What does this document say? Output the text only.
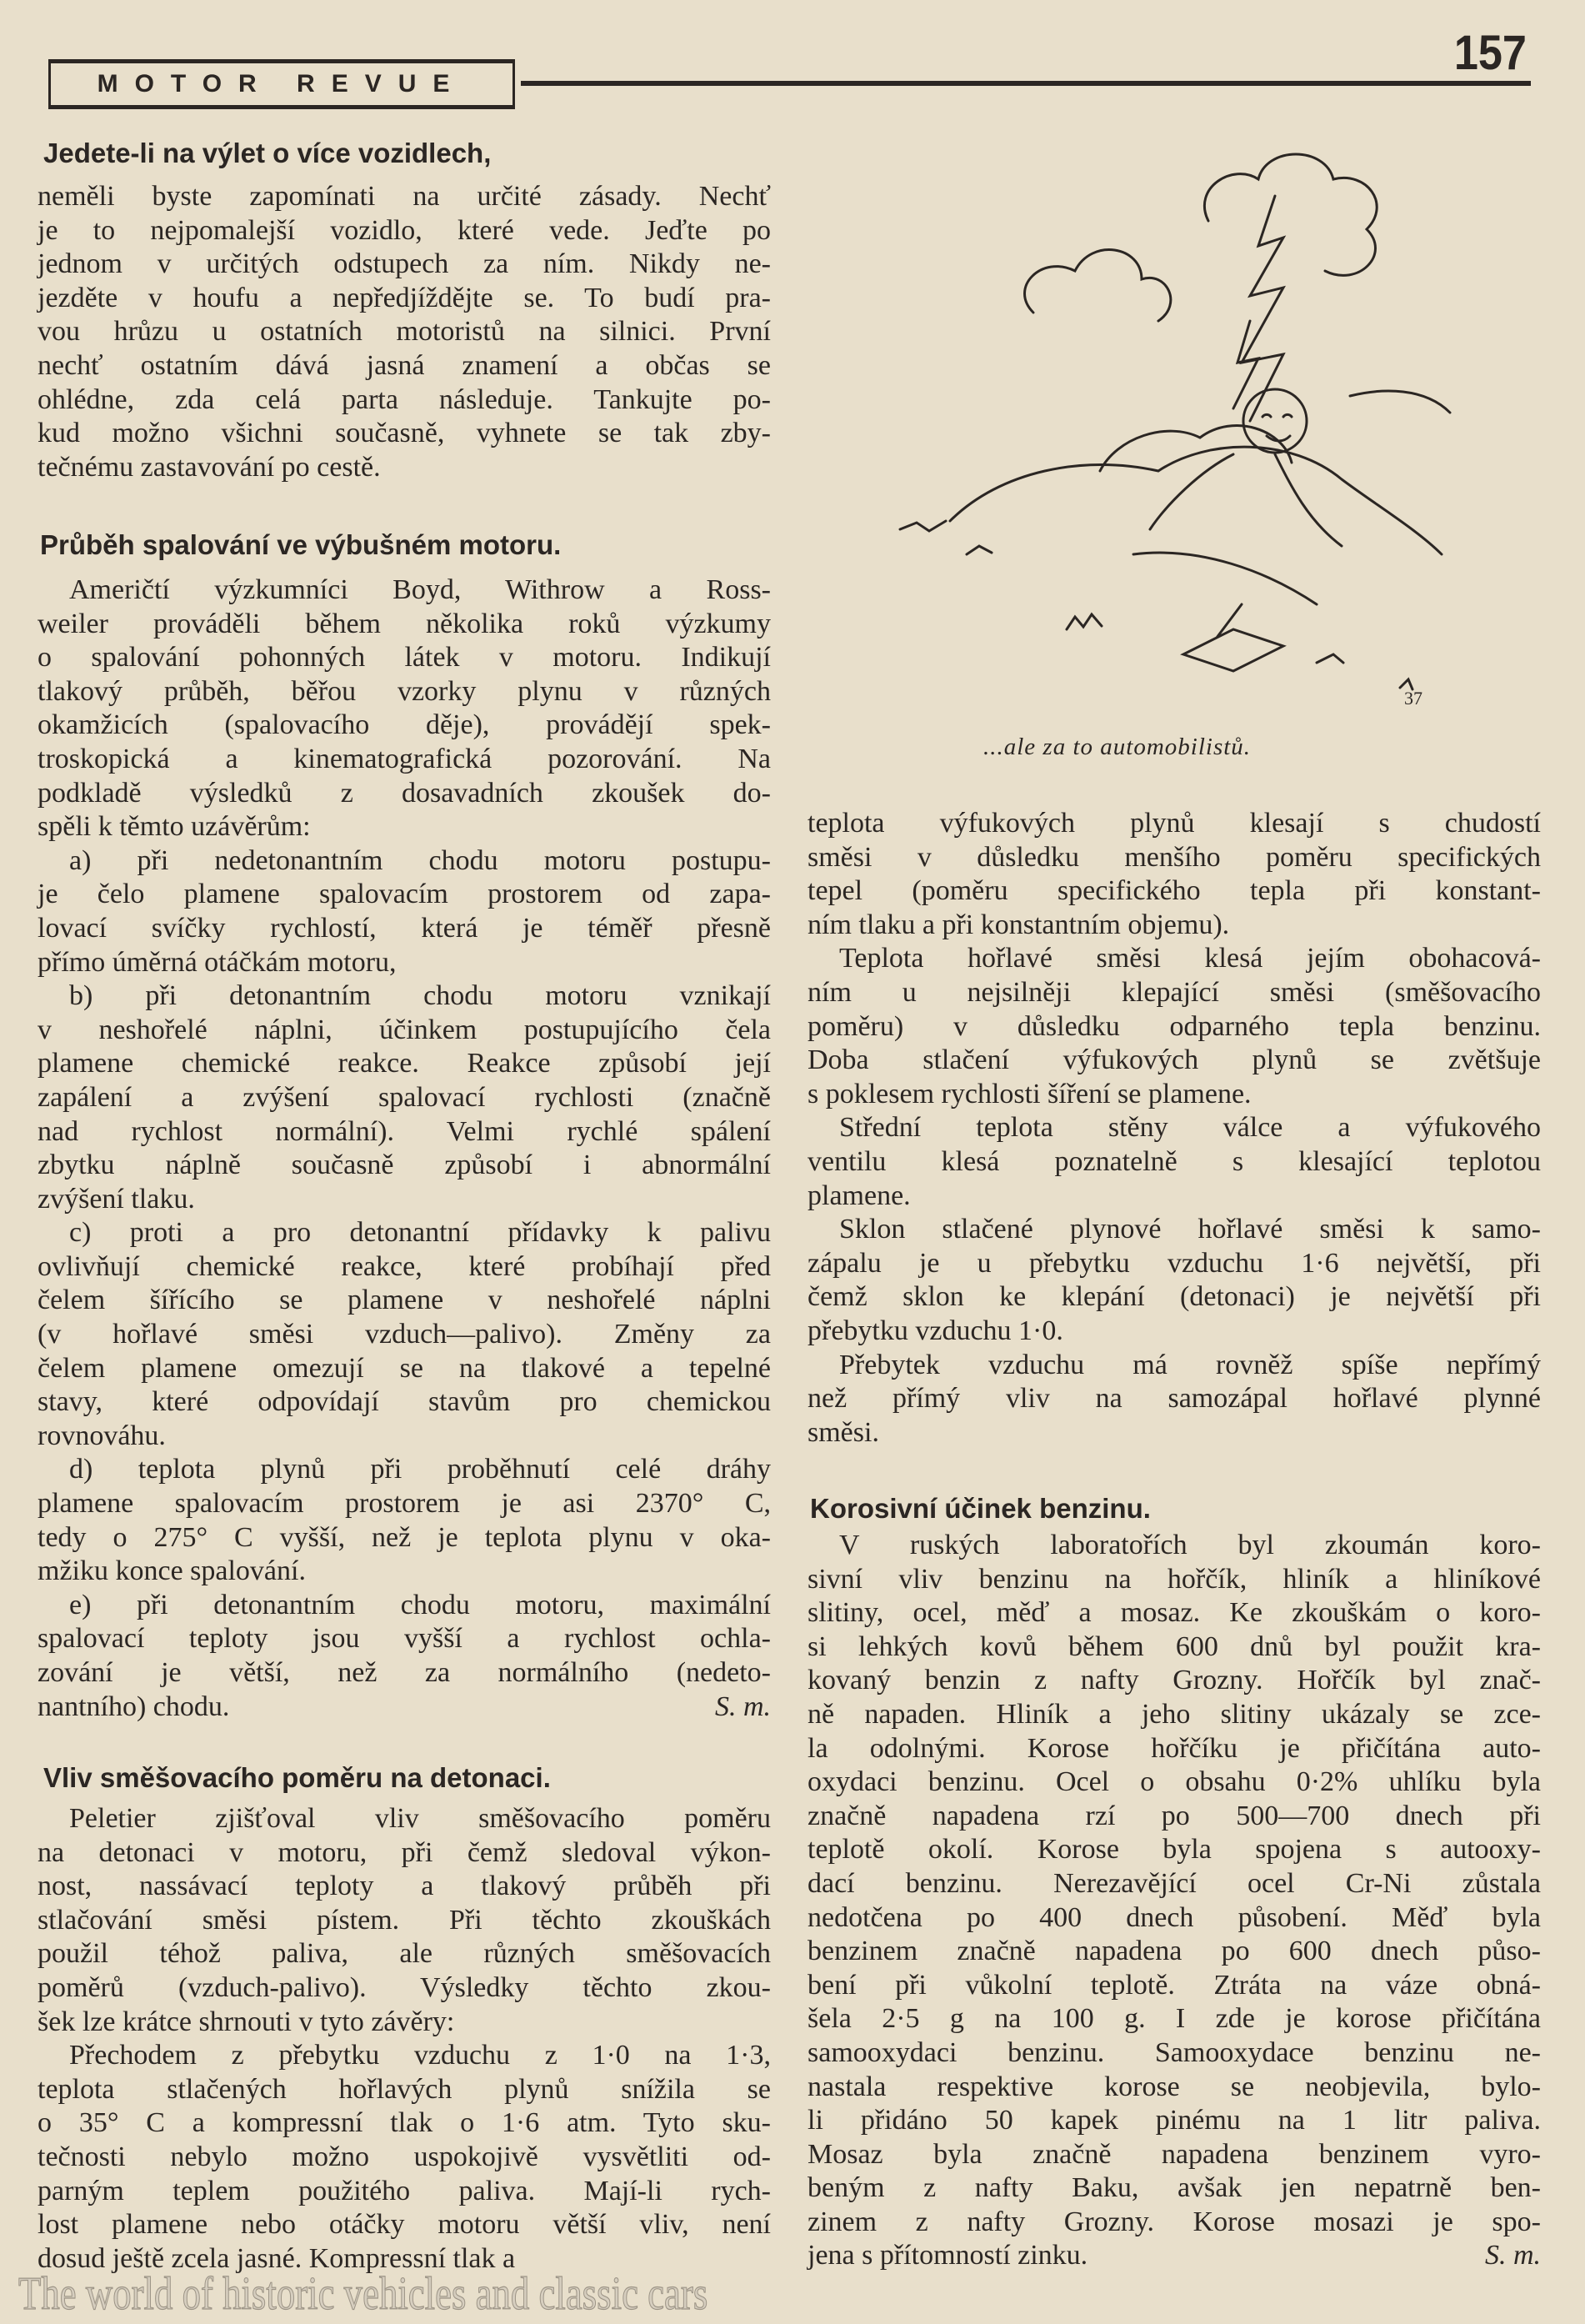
MOTOR REVUE
157
Jedete-li na výlet o více vozidlech,
neměli byste zapomínati na určité zásady. Nechť
je to nejpomalejší vozidlo, které vede. Jeďte po
jednom v určitých odstupech za ním. Nikdy ne-
jezděte v houfu a nepředjíždějte se. To budí pra-
vou hrůzu u ostatních motoristů na silnici. První
nechť ostatním dává jasná znamení a občas se
ohlédne, zda celá parta následuje. Tankujte po-
kud možno všichni současně, vyhnete se tak zby-
tečnému zastavování po cestě.
Průběh spalování ve výbušném motoru.
Američtí výzkumníci Boyd, Withrow a Ross-
weiler prováděli během několika roků výzkumy
o spalování pohonných látek v motoru. Indikují
tlakový průběh, běřou vzorky plynu v různých
okamžicích (spalovacího děje), provádějí spek-
troskopická a kinematografická pozorování. Na
podkladě výsledků z dosavadních zkoušek do-
spěli k těmto uzávěrům:
a) při nedetonantním chodu motoru postupu-
je čelo plamene spalovacím prostorem od zapa-
lovací svíčky rychlostí, která je téměř přesně
přímo úměrná otáčkám motoru,
b) při detonantním chodu motoru vznikají
v neshořelé náplni, účinkem postupujícího čela
plamene chemické reakce. Reakce způsobí její
zapálení a zvýšení spalovací rychlosti (značně
nad rychlost normální). Velmi rychlé spálení
zbytku náplně současně způsobí i abnormální
zvýšení tlaku.
c) proti a pro detonantní přídavky k palivu
ovlivňují chemické reakce, které probíhají před
čelem šířícího se plamene v neshořelé náplni
(v hořlavé směsi vzduch—palivo). Změny za
čelem plamene omezují se na tlakové a tepelné
stavy, které odpovídají stavům pro chemickou
rovnováhu.
d) teplota plynů při proběhnutí celé dráhy
plamene spalovacím prostorem je asi 2370° C,
tedy o 275° C vyšší, než je teplota plynu v oka-
mžiku konce spalování.
e) při detonantním chodu motoru, maximální
spalovací teploty jsou vyšší a rychlost ochla-
zování je větší, než za normálního (nedeto-
nantního) chodu.	S. m.
Vliv směšovacího poměru na detonaci.
Peletier zjišťoval vliv směšovacího poměru
na detonaci v motoru, při čemž sledoval výkon-
nost, nassávací teploty a tlakový průběh při
stlačování směsi pístem. Při těchto zkouškách
použil téhož paliva, ale různých směšovacích
poměrů (vzduch-palivo). Výsledky těchto zkou-
šek lze krátce shrnouti v tyto závěry:
Přechodem z přebytku vzduchu z 1·0 na 1·3,
teplota stlačených hořlavých plynů snížila se
o 35° C a kompressní tlak o 1·6 atm. Tyto sku-
tečnosti nebylo možno uspokojivě vysvětliti od-
parným teplem použitého paliva. Mají-li rych-
lost plamene nebo otáčky motoru větší vliv, není
dosud ještě zcela jasné. Kompressní tlak a
37
...ale za to automobilistů.
teplota výfukových plynů klesají s chudostí
směsi v důsledku menšího poměru specifických
tepel (poměru specifického tepla při konstant-
ním tlaku a při konstantním objemu).
Teplota hořlavé směsi klesá jejím obohacová-
ním u nejsilněji klepající směsi (směšovacího
poměru) v důsledku odparného tepla benzinu.
Doba stlačení výfukových plynů se zvětšuje
s poklesem rychlosti šíření se plamene.
Střední teplota stěny válce a výfukového
ventilu klesá poznatelně s klesající teplotou
plamene.
Sklon stlačené plynové hořlavé směsi k samo-
zápalu je u přebytku vzduchu 1·6 největší, při
čemž sklon ke klepání (detonaci) je největší při
přebytku vzduchu 1·0.
Přebytek vzduchu má rovněž spíše nepřímý
než přímý vliv na samozápal hořlavé plynné
směsi.
Korosivní účinek benzinu.
V ruských laboratořích byl zkoumán koro-
sivní vliv benzinu na hořčík, hliník a hliníkové
slitiny, ocel, měď a mosaz. Ke zkouškám o koro-
si lehkých kovů během 600 dnů byl použit kra-
kovaný benzin z nafty Grozny. Hořčík byl znač-
ně napaden. Hliník a jeho slitiny ukázaly se zce-
la odolnými. Korose hořčíku je přičítána auto-
oxydaci benzinu. Ocel o obsahu 0·2% uhlíku byla
značně napadena rzí po 500—700 dnech při
teplotě okolí. Korose byla spojena s autooxy-
dací benzinu. Nerezavějící ocel Cr-Ni zůstala
nedotčena po 400 dnech působení. Měď byla
benzinem značně napadena po 600 dnech půso-
bení při vůkolní teplotě. Ztráta na váze obná-
šela 2·5 g na 100 g. I zde je korose přičítána
samooxydaci benzinu. Samooxydace benzinu ne-
nastala respektive korose se neobjevila, bylo-
li přidáno 50 kapek pinému na 1 litr paliva.
Mosaz byla značně napadena benzinem vyro-
beným z nafty Baku, avšak jen nepatrně ben-
zinem z nafty Grozny. Korose mosazi je spo-
jena s přítomností zinku.	S. m.
The world of historic vehicles and classic cars
